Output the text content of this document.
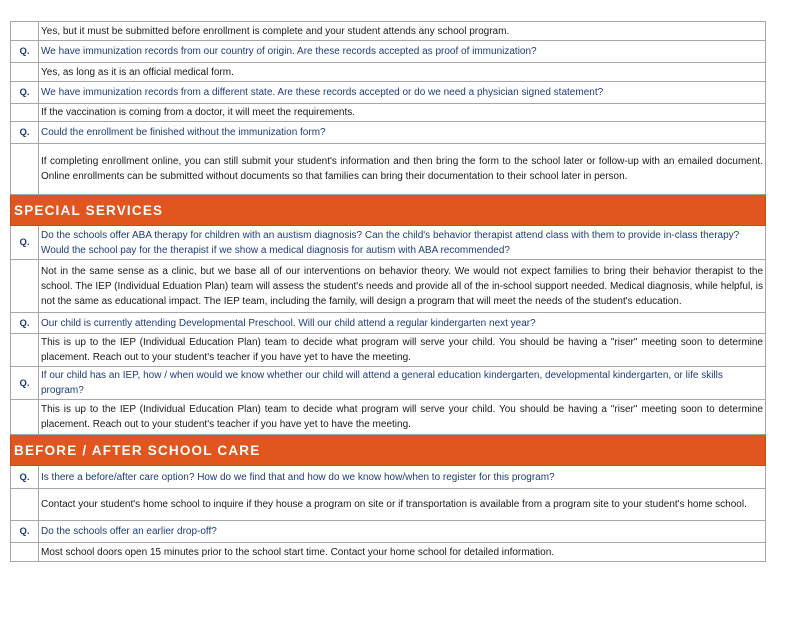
	Yes, but it must be submitted before enrollment is complete and your student attends any school program.
Q.	We have immunization records from our country of origin. Are these records accepted as proof of immunization?
	Yes, as long as it is an official medical form.
Q.	We have immunization records from a different state. Are these records accepted or do we need a physician signed statement?
	If the vaccination is coming from a doctor, it will meet the requirements.
Q.	Could the enrollment be finished without the immunization form?
	If completing enrollment online, you can still submit your student's information and then bring the form to the school later or follow-up with an emailed document. Online enrollments can be submitted without documents so that families can bring their documentation to their school later in person.
SPECIAL SERVICES	
Q.	Do the schools offer ABA therapy for children with an austism diagnosis? Can the child's behavior therapist attend class with them to provide in-class therapy? Would the school pay for the therapist if we show a medical diagnosis for autism with ABA recommended?
	Not in the same sense as a clinic, but we base all of our interventions on behavior theory. We would not expect families to bring their behavior therapist to the school. The IEP (Individual Eduation Plan) team will assess the student's needs and provide all of the in-school support needed. Medical diagnosis, while helpful, is not the same as educational impact. The IEP team, including the family, will design a program that will meet the needs of the student's education.
Q.	Our child is currently attending Developmental Preschool. Will our child attend a regular kindergarten next year?
	This is up to the IEP (Individual Education Plan) team to decide what program will serve your child. You should be having a "riser" meeting soon to determine placement. Reach out to your student's teacher if you have yet to have the meeting.
Q.	If our child has an IEP, how / when would we know whether our child will attend a general education kindergarten, developmental kindergarten, or life skills program?
	This is up to the IEP (Individual Education Plan) team to decide what program will serve your child. You should be having a "riser" meeting soon to determine placement. Reach out to your student's teacher if you have yet to have the meeting.
BEFORE / AFTER SCHOOL CARE	
Q.	Is there a before/after care option? How do we find that and how do we know how/when to register for this program?
	Contact your student's home school to inquire if they house a program on site or if transportation is available from a program site to your student's home school.
Q.	Do the schools offer an earlier drop-off?
	Most school doors open 15 minutes prior to the school start time. Contact your home school for detailed information.
